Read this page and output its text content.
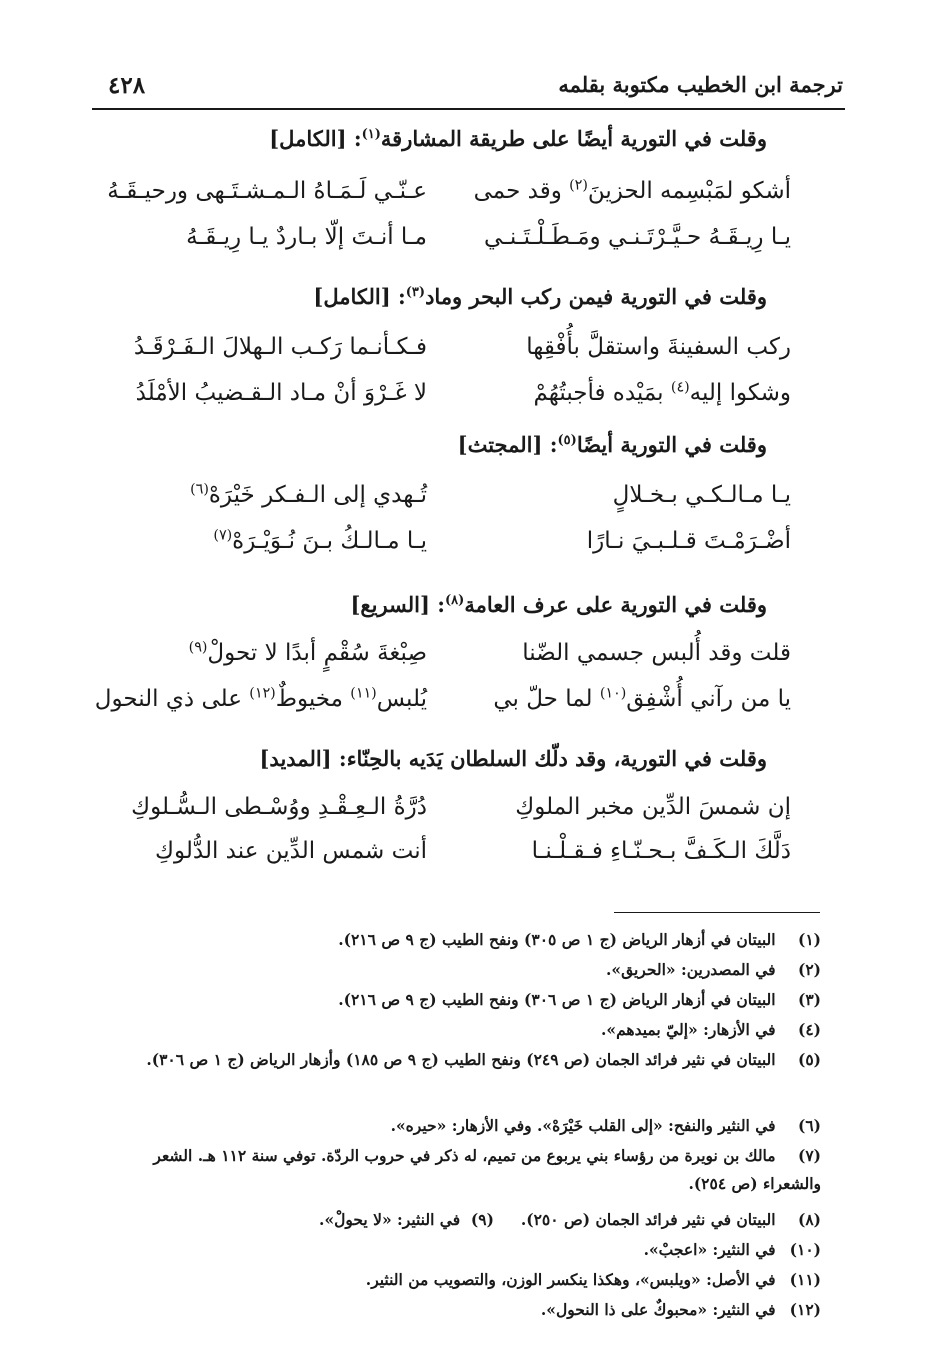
ترجمة ابن الخطيب مكتوبة بقلمه
٤٢٨
وقلت في التورية أيضًا على طريقة المشارقة$^{(١)}$: [الكامل]
أشكو لمَبْسِمه الحزينَ$^{(٢)}$ وقد حمى
عـنّـي لَـمَـاهُ الـمـشـتَـهى ورحيـقَـهُ
يـا رِيـقَـهُ حـيَّـرْتَـنـي ومَـطَـلْـتَـنـي
مـا أنـتَ إلّا بـاردٌ يـا رِيـقَـهُ
وقلت في التورية فيمن ركب البحر وماد$^{(٣)}$: [الكامل]
ركب السفينةَ واستقلَّ بأُفْقِها
فـكـأنـما رَكـب الـهلالَ الـفَـرْقَـدُ
وشكوا إليه$^{(٤)}$ بمَيْده فأجبتُهُمْ
لا غَـرْوَ أنْ مـاد الـقـضيبُ الأمْلَدُ
وقلت في التورية أيضًا$^{(٥)}$: [المجتث]
يـا مـالـكـي بـخـلالٍ
تُـهدي إلى الـفـكر خَيْرَهْ$^{(٦)}$
أضْـرَمْـتَ قـلـبـيَ نـارًا
يـا مـالـكُ بـنَ نُـوَيْـرَهْ$^{(٧)}$
وقلت في التورية على عرف العامة$^{(٨)}$: [السريع]
قلت وقد أُلبس جسمي الضّنا
صِبْغةَ سُقْمٍ أبدًا لا تحولْ$^{(٩)}$
يا من رآني أُشْفِق$^{(١٠)}$ لما حلّ بي
يُلبس$^{(١١)}$ مخيوطٌ$^{(١٢)}$ على ذي النحول
وقلت في التورية، وقد دلّك السلطان يَدَيه بالحِنّاء: [المديد]
إن شمسَ الدِّين مخبر الملوكِ
دُرَّةُ الـعِـقْـدِ ووُسْـطى الـسُّـلوكِ
دَلَّكَ الـكَـفَّ بـحـنّـاءِ فـقـلْـنـا
أنت شمس الدِّين عند الدُّلوكِ
(١) البيتان في أزهار الرياض (ج ١ ص ٣٠٥) ونفح الطيب (ج ٩ ص ٢١٦).
(٢) في المصدرين: «الحريق».
(٣) البيتان في أزهار الرياض (ج ١ ص ٣٠٦) ونفح الطيب (ج ٩ ص ٢١٦).
(٤) في الأزهار: «إليّ بميدهم».
(٥) البيتان في نثير فرائد الجمان (ص ٢٤٩) ونفح الطيب (ج ٩ ص ١٨٥) وأزهار الرياض (ج ١ ص ٣٠٦).
(٦) في النثير والنفح: «إلى القلب خَيْرَهْ». وفي الأزهار: «حيره».
(٧) مالك بن نويرة من رؤساء بني يربوع من تميم، له ذكر في حروب الردّة. توفي سنة ١١٢ هـ. الشعر والشعراء (ص ٢٥٤).
(٨) البيتان في نثير فرائد الجمان (ص ٢٥٠).     (٩)  في النثير: «لا يحولْ».
(١٠) في النثير: «اعجبْ».
(١١) في الأصل: «ويلبس»، وهكذا ينكسر الوزن، والتصويب من النثير.
(١٢) في النثير: «محبوكٌ على ذا النحول».
